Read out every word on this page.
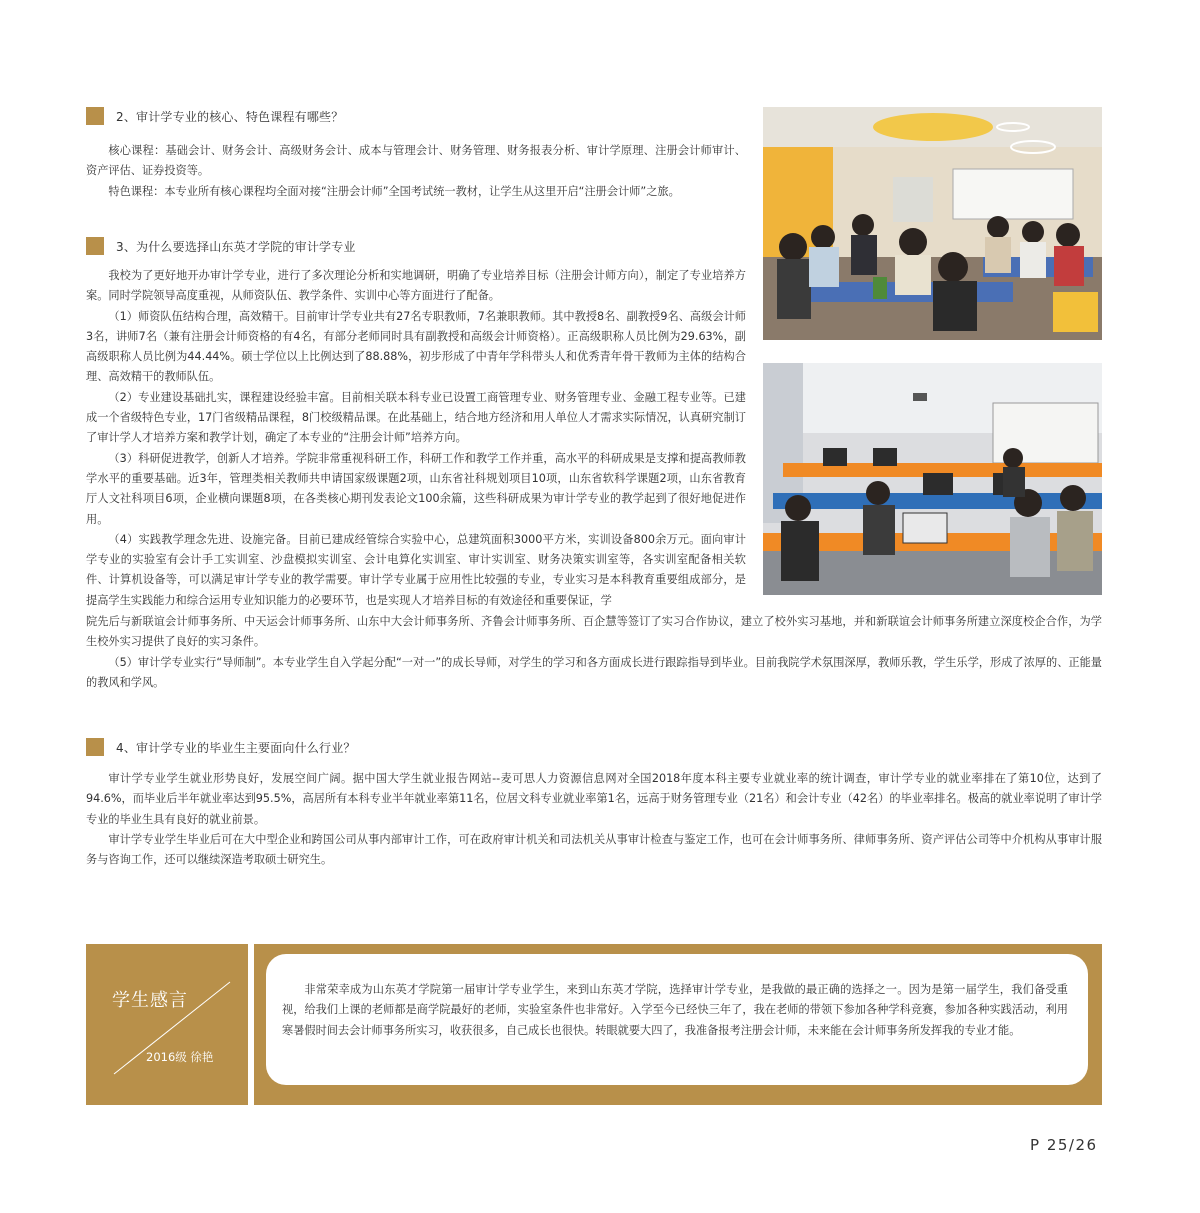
2、审计学专业的核心、特色课程有哪些？

核心课程：基础会计、财务会计、高级财务会计、成本与管理会计、财务管理、财务报表分析、审计学原理、注册会计师审计、资产评估、证券投资等。

特色课程：本专业所有核心课程均全面对接“注册会计师”全国考试统一教材，让学生从这里开启“注册会计师”之旅。

3、为什么要选择山东英才学院的审计学专业

我校为了更好地开办审计学专业，进行了多次理论分析和实地调研，明确了专业培养目标（注册会计师方向），制定了专业培养方案。同时学院领导高度重视，从师资队伍、教学条件、实训中心等方面进行了配备。

（1）师资队伍结构合理，高效精干。目前审计学专业共有27名专职教师，7名兼职教师。其中教授8名、副教授9名、高级会计师3名，讲师7名（兼有注册会计师资格的有4名，有部分老师同时具有副教授和高级会计师资格）。正高级职称人员比例为29.63%，副高级职称人员比例为44.44%。硕士学位以上比例达到了88.88%，初步形成了中青年学科带头人和优秀青年骨干教师为主体的结构合理、高效精干的教师队伍。

（2）专业建设基础扎实，课程建设经验丰富。目前相关联本科专业已设置工商管理专业、财务管理专业、金融工程专业等。已建成一个省级特色专业，17门省级精品课程，8门校级精品课。在此基础上，结合地方经济和用人单位人才需求实际情况，认真研究制订了审计学人才培养方案和教学计划，确定了本专业的“注册会计师”培养方向。

（3）科研促进教学，创新人才培养。学院非常重视科研工作，科研工作和教学工作并重，高水平的科研成果是支撑和提高教师教学水平的重要基础。近3年，管理类相关教师共申请国家级课题2项，山东省社科规划项目10项，山东省软科学课题2项，山东省教育厅人文社科项目6项，企业横向课题8项，在各类核心期刊发表论文100余篇，这些科研成果为审计学专业的教学起到了很好地促进作用。

（4）实践教学理念先进、设施完备。目前已建成经管综合实验中心，总建筑面积3000平方米，实训设备800余万元。面向审计学专业的实验室有会计手工实训室、沙盘模拟实训室、会计电算化实训室、审计实训室、财务决策实训室等，各实训室配备相关软件、计算机设备等，可以满足审计学专业的教学需要。审计学专业属于应用性比较强的专业，专业实习是本科教育重要组成部分，是提高学生实践能力和综合运用专业知识能力的必要环节，也是实现人才培养目标的有效途径和重要保证，学

院先后与新联谊会计师事务所、中天运会计师事务所、山东中大会计师事务所、齐鲁会计师事务所、百企慧等签订了实习合作协议，建立了校外实习基地，并和新联谊会计师事务所建立深度校企合作，为学生校外实习提供了良好的实习条件。

（5）审计学专业实行“导师制”。本专业学生自入学起分配“一对一”的成长导师，对学生的学习和各方面成长进行跟踪指导到毕业。目前我院学术氛围深厚，教师乐教，学生乐学，形成了浓厚的、正能量的教风和学风。

4、审计学专业的毕业生主要面向什么行业？

审计学专业学生就业形势良好，发展空间广阔。据中国大学生就业报告网站--麦可思人力资源信息网对全国2018年度本科主要专业就业率的统计调查，审计学专业的就业率排在了第10位，达到了94.6%，而毕业后半年就业率达到95.5%，高居所有本科专业半年就业率第11名，位居文科专业就业率第1名，远高于财务管理专业（21名）和会计专业（42名）的毕业率排名。极高的就业率说明了审计学专业的毕业生具有良好的就业前景。

审计学专业学生毕业后可在大中型企业和跨国公司从事内部审计工作，可在政府审计机关和司法机关从事审计检查与鉴定工作，也可在会计师事务所、律师事务所、资产评估公司等中介机构从事审计服务与咨询工作，还可以继续深造考取硕士研究生。

学生感言
2016级 徐艳

非常荣幸成为山东英才学院第一届审计学专业学生，来到山东英才学院，选择审计学专业，是我做的最正确的选择之一。因为是第一届学生，我们备受重视，给我们上课的老师都是商学院最好的老师，实验室条件也非常好。入学至今已经快三年了，我在老师的带领下参加各种学科竞赛，参加各种实践活动，利用寒暑假时间去会计师事务所实习，收获很多，自己成长也很快。转眼就要大四了，我准备报考注册会计师，未来能在会计师事务所发挥我的专业才能。

P 25/26
